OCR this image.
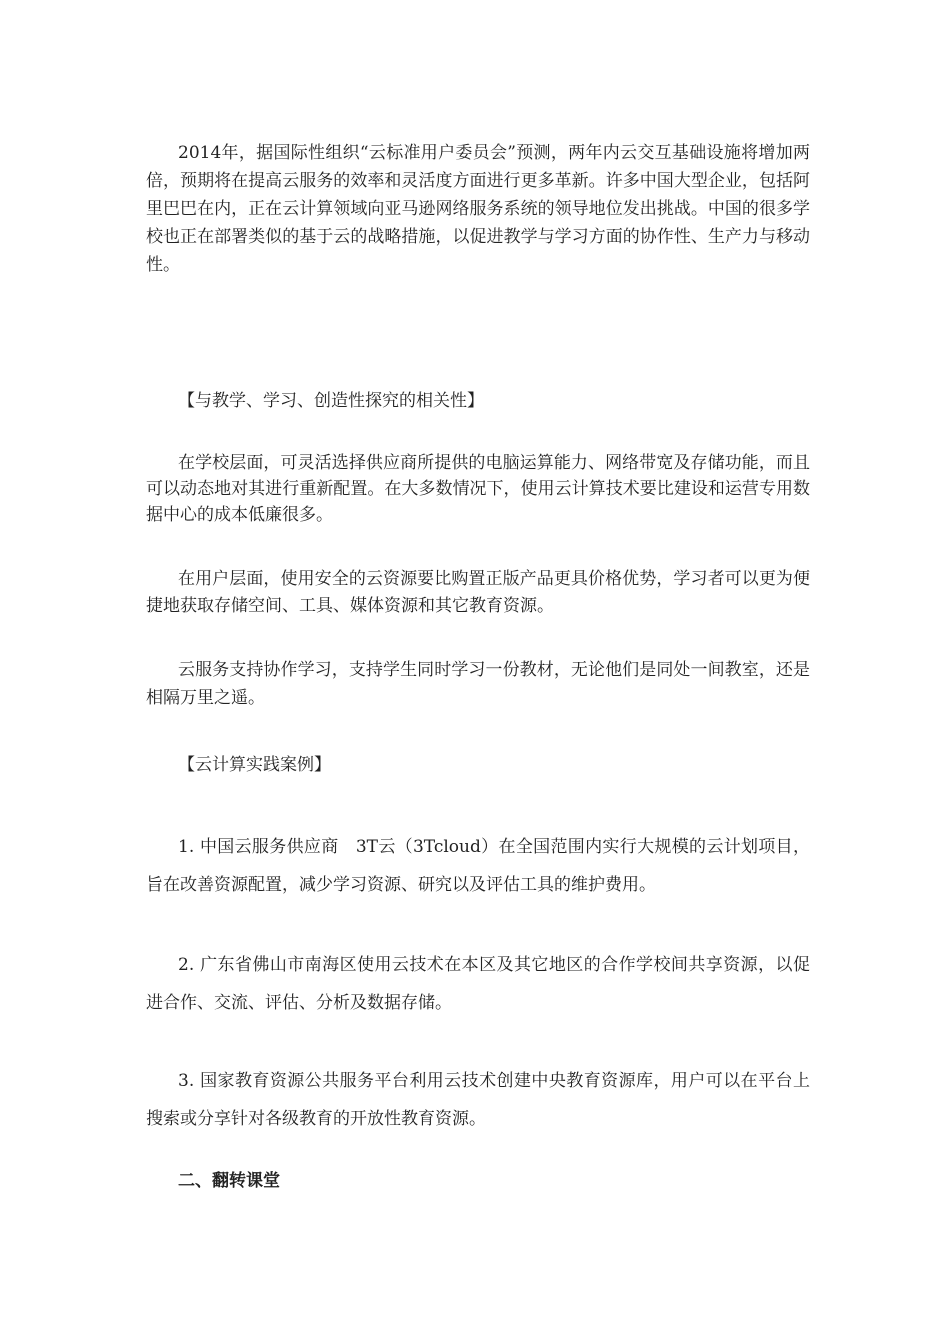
2014年，据国际性组织“云标准用户委员会”预测，两年内云交互基础设施将增加两倍，预期将在提高云服务的效率和灵活度方面进行更多革新。许多中国大型企业，包括阿里巴巴在内，正在云计算领域向亚马逊网络服务系统的领导地位发出挑战。中国的很多学校也正在部署类似的基于云的战略措施，以促进教学与学习方面的协作性、生产力与移动性。

【与教学、学习、创造性探究的相关性】

在学校层面，可灵活选择供应商所提供的电脑运算能力、网络带宽及存储功能，而且可以动态地对其进行重新配置。在大多数情况下，使用云计算技术要比建设和运营专用数据中心的成本低廉很多。

在用户层面，使用安全的云资源要比购置正版产品更具价格优势，学习者可以更为便捷地获取存储空间、工具、媒体资源和其它教育资源。

云服务支持协作学习，支持学生同时学习一份教材，无论他们是同处一间教室，还是相隔万里之遥。

【云计算实践案例】

1. 中国云服务供应商　3T云（3Tcloud）在全国范围内实行大规模的云计划项目，旨在改善资源配置，减少学习资源、研究以及评估工具的维护费用。

2. 广东省佛山市南海区使用云技术在本区及其它地区的合作学校间共享资源，以促进合作、交流、评估、分析及数据存储。

3. 国家教育资源公共服务平台利用云技术创建中央教育资源库，用户可以在平台上搜索或分享针对各级教育的开放性教育资源。

二、翻转课堂
